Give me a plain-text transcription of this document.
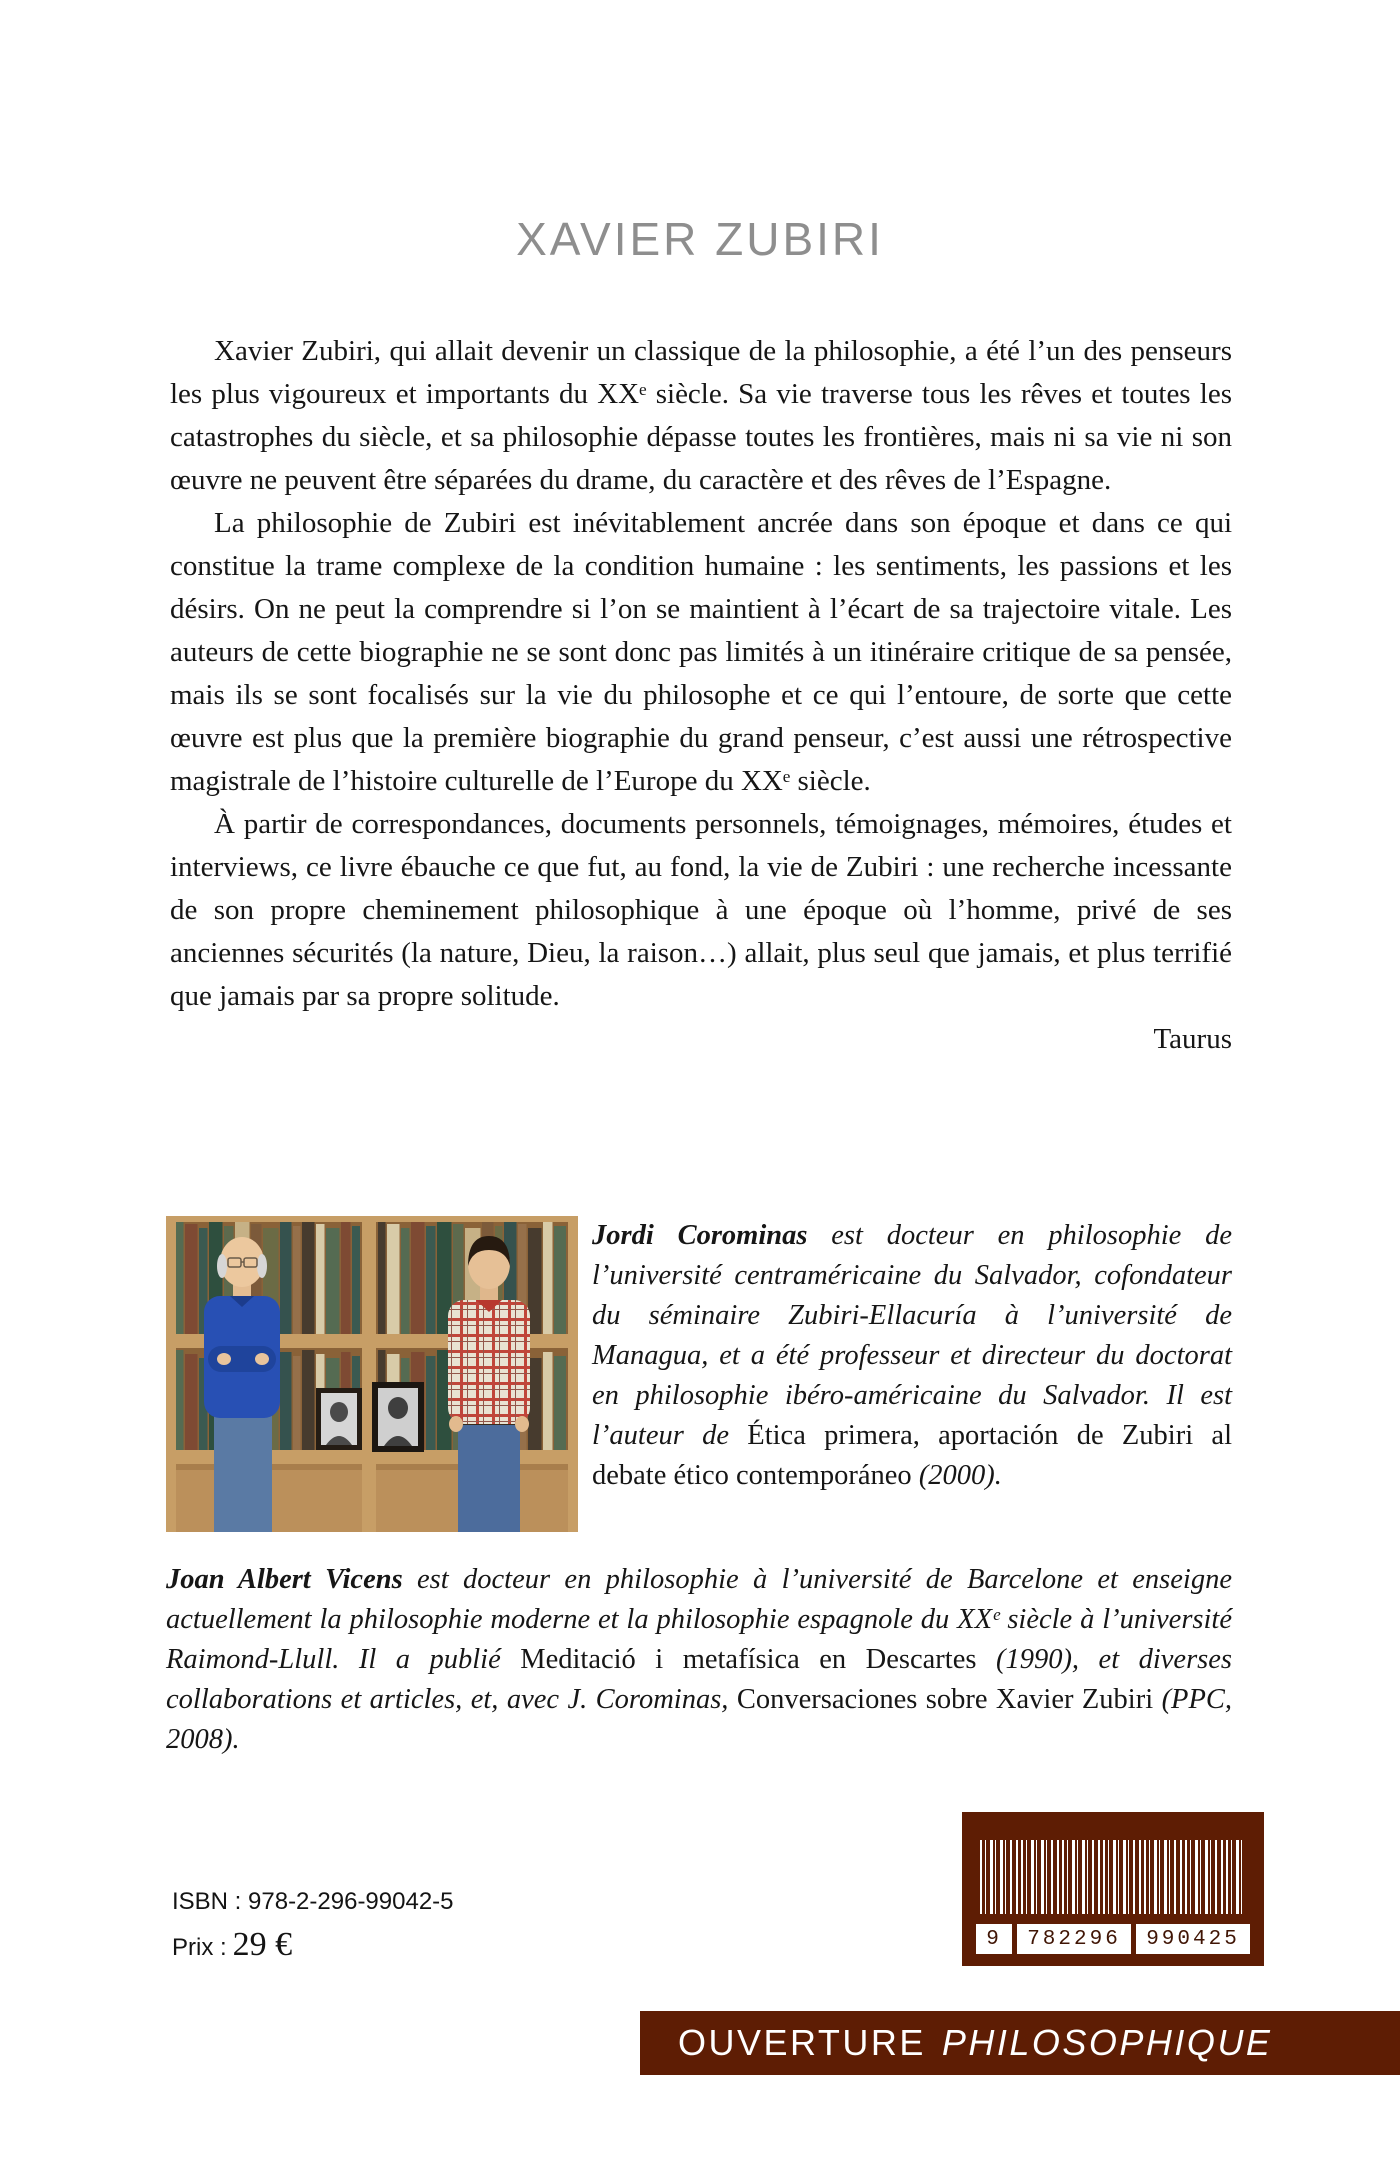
XAVIER ZUBIRI

Xavier Zubiri, qui allait devenir un classique de la philosophie, a été l’un des penseurs les plus vigoureux et importants du XXᵉ siècle. Sa vie traverse tous les rêves et toutes les catastrophes du siècle, et sa philosophie dépasse toutes les frontières, mais ni sa vie ni son œuvre ne peuvent être séparées du drame, du caractère et des rêves de l’Espagne.

La philosophie de Zubiri est inévitablement ancrée dans son époque et dans ce qui constitue la trame complexe de la condition humaine : les sentiments, les passions et les désirs. On ne peut la comprendre si l’on se maintient à l’écart de sa trajectoire vitale. Les auteurs de cette biographie ne se sont donc pas limités à un itinéraire critique de sa pensée, mais ils se sont focalisés sur la vie du philosophe et ce qui l’entoure, de sorte que cette œuvre est plus que la première biographie du grand penseur, c’est aussi une rétrospective magistrale de l’histoire culturelle de l’Europe du XXᵉ siècle.

À partir de correspondances, documents personnels, témoignages, mémoires, études et interviews, ce livre ébauche ce que fut, au fond, la vie de Zubiri : une recherche incessante de son propre cheminement philosophique à une époque où l’homme, privé de ses anciennes sécurités (la nature, Dieu, la raison…) allait, plus seul que jamais, et plus terrifié que jamais par sa propre solitude.

Taurus

Jordi Corominas est docteur en philosophie de l’université centraméricaine du Salvador, cofondateur du séminaire Zubiri-Ellacuría à l’université de Managua, et a été professeur et directeur du doctorat en philosophie ibéro-américaine du Salvador. Il est l’auteur de Ética primera, aportación de Zubiri al debate ético contemporáneo (2000).

Joan Albert Vicens est docteur en philosophie à l’université de Barcelone et enseigne actuellement la philosophie moderne et la philosophie espagnole du XXᵉ siècle à l’université Raimond-Llull. Il a publié Meditació i metafísica en Descartes (1990), et diverses collaborations et articles, et, avec J. Corominas, Conversaciones sobre Xavier Zubiri (PPC, 2008).

ISBN : 978-2-296-99042-5
Prix : 29 €	9	782296	990425
OUVERTURE PHILOSOPHIQUE
